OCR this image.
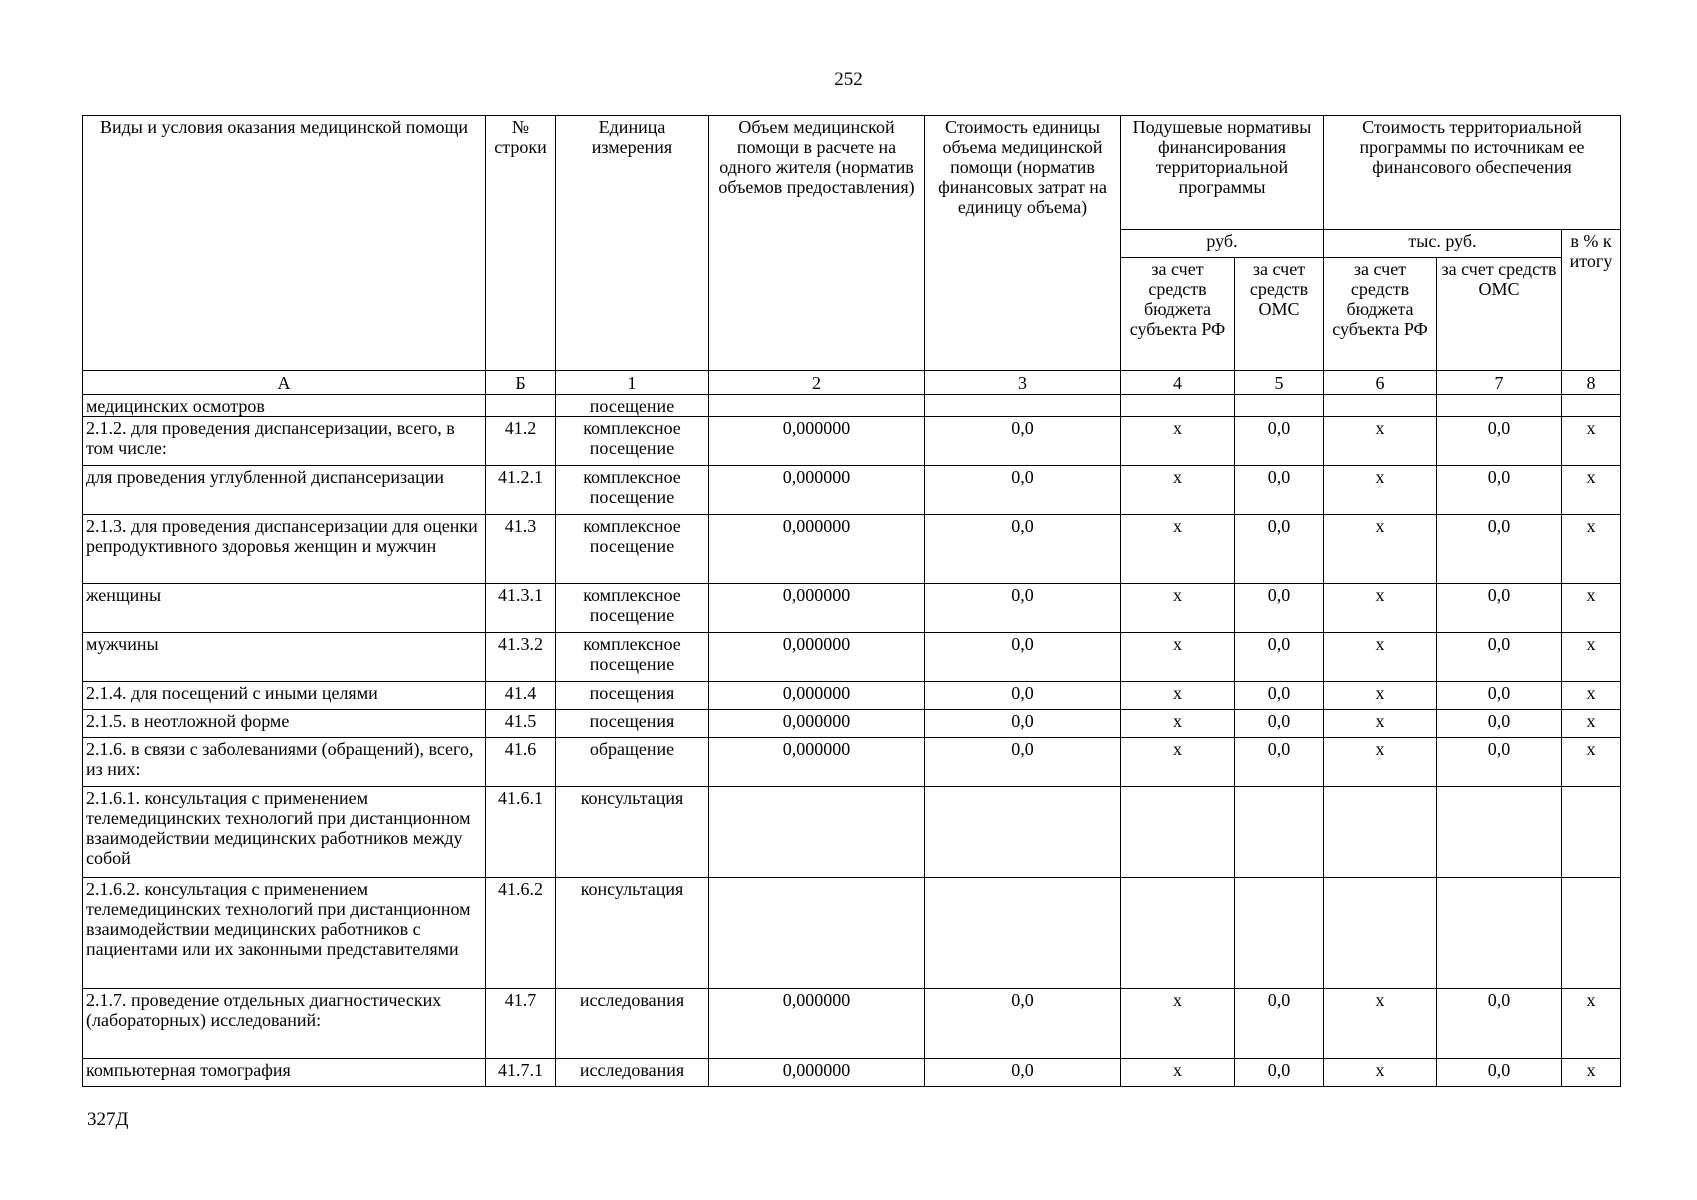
252
Виды и условия оказания медицинской помощи	№ строки	Единица измерения	Объем медицинской помощи в расчете на одного жителя (норматив объемов предоставления)	Стоимость единицы объема медицинской помощи (норматив финансовых затрат на единицу объема)	Подушевые нормативы финансирования территориальной программы		Стоимость территориальной программы по источникам ее финансового обеспечения		
					руб.		тыс. руб.		в % к итогу
					за счет средств бюджета субъекта РФ	за счет средств ОМС	за счет средств бюджета субъекта РФ	за счет средств ОМС	
А	Б	1	2	3	4	5	6	7	8
медицинских осмотров		посещение							
2.1.2. для проведения диспансеризации, всего, в том числе:	41.2	комплексное посещение	0,000000	0,0	х	0,0	х	0,0	х
для проведения углубленной диспансеризации	41.2.1	комплексное посещение	0,000000	0,0	х	0,0	х	0,0	х
2.1.3. для проведения диспансеризации для оценки репродуктивного здоровья женщин и мужчин	41.3	комплексное посещение	0,000000	0,0	х	0,0	х	0,0	х
женщины	41.3.1	комплексное посещение	0,000000	0,0	х	0,0	х	0,0	х
мужчины	41.3.2	комплексное посещение	0,000000	0,0	х	0,0	х	0,0	х
2.1.4. для посещений с иными целями	41.4	посещения	0,000000	0,0	х	0,0	х	0,0	х
2.1.5. в неотложной форме	41.5	посещения	0,000000	0,0	х	0,0	х	0,0	х
2.1.6. в связи с заболеваниями (обращений), всего, из них:	41.6	обращение	0,000000	0,0	х	0,0	х	0,0	х
2.1.6.1. консультация с применением телемедицинских технологий при дистанционном взаимодействии медицинских работников между собой	41.6.1	консультация							
2.1.6.2. консультация с применением телемедицинских технологий при дистанционном взаимодействии медицинских работников с пациентами или их законными представителями	41.6.2	консультация							
2.1.7. проведение отдельных диагностических (лабораторных) исследований:	41.7	исследования	0,000000	0,0	х	0,0	х	0,0	х
компьютерная томография	41.7.1	исследования	0,000000	0,0	х	0,0	х	0,0	х
327Д
